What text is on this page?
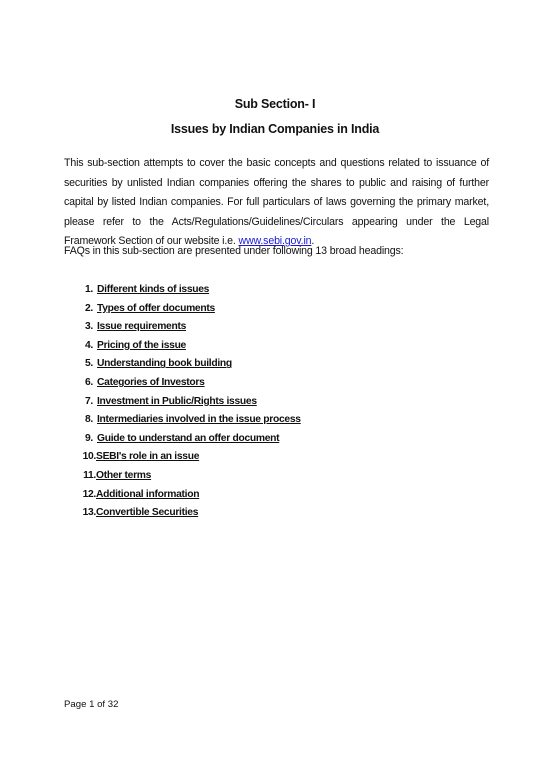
Sub Section- I
Issues by Indian Companies in India

This sub-section attempts to cover the basic concepts and questions related to issuance of securities by unlisted Indian companies offering the shares to public and raising of further capital by listed Indian companies. For full particulars of laws governing the primary market, please refer to the Acts/Regulations/Guidelines/Circulars appearing under the Legal Framework Section of our website i.e. www.sebi.gov.in.

FAQs in this sub-section are presented under following 13 broad headings:
1. Different kinds of issues
2. Types of offer documents
3. Issue requirements
4. Pricing of the issue
5. Understanding book building
6. Categories of Investors
7. Investment in Public/Rights issues
8. Intermediaries involved in the issue process
9. Guide to understand an offer document
10. SEBI's role in an issue
11. Other terms
12. Additional information
13. Convertible Securities
Page 1 of 32
